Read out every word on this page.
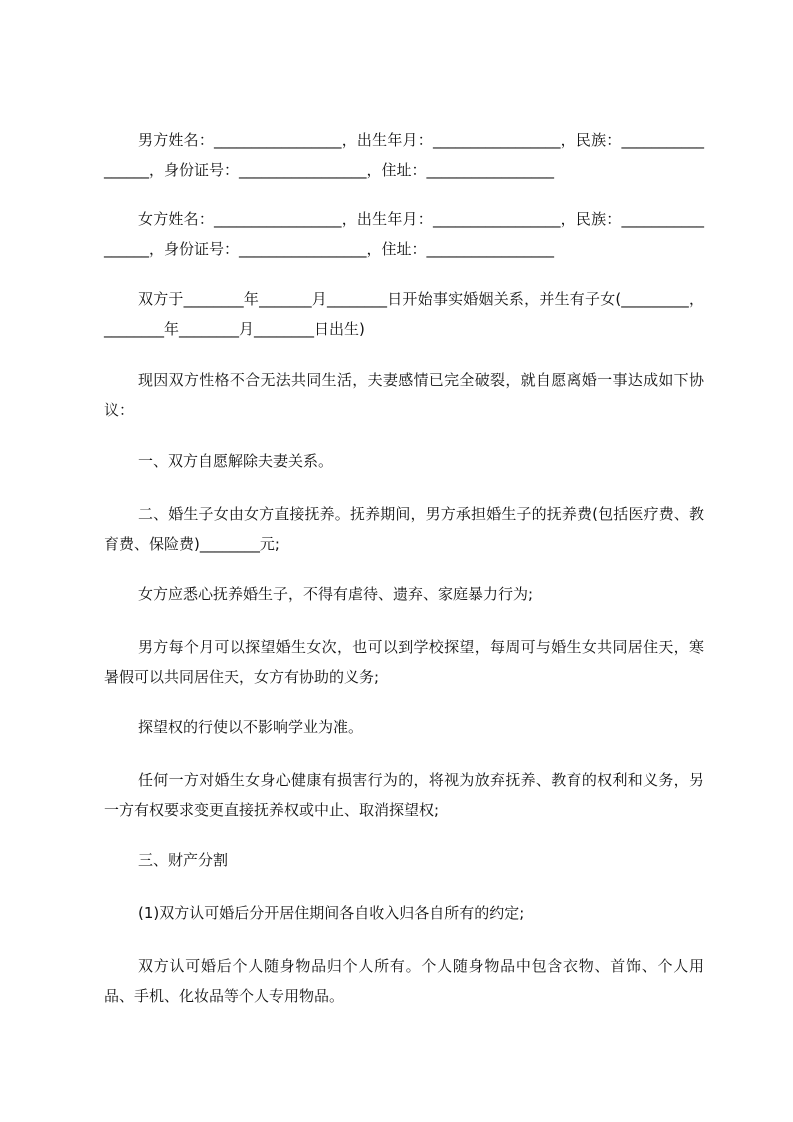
男方姓名：_________________，出生年月：_________________，民族：_________________，身份证号：_________________，住址：_________________

女方姓名：_________________，出生年月：_________________，民族：_________________，身份证号：_________________，住址：_________________

双方于________年_______月________日开始事实婚姻关系，并生有子女(_________，________年________月________日出生)

现因双方性格不合无法共同生活，夫妻感情已完全破裂，就自愿离婚一事达成如下协议：

一、双方自愿解除夫妻关系。

二、婚生子女由女方直接抚养。抚养期间，男方承担婚生子的抚养费(包括医疗费、教育费、保险费)________元;

女方应悉心抚养婚生子，不得有虐待、遗弃、家庭暴力行为;

男方每个月可以探望婚生女次，也可以到学校探望，每周可与婚生女共同居住天，寒暑假可以共同居住天，女方有协助的义务;

探望权的行使以不影响学业为准。

任何一方对婚生女身心健康有损害行为的，将视为放弃抚养、教育的权利和义务，另一方有权要求变更直接抚养权或中止、取消探望权;

三、财产分割

(1)双方认可婚后分开居住期间各自收入归各自所有的约定;

双方认可婚后个人随身物品归个人所有。个人随身物品中包含衣物、首饰、个人用品、手机、化妆品等个人专用物品。
